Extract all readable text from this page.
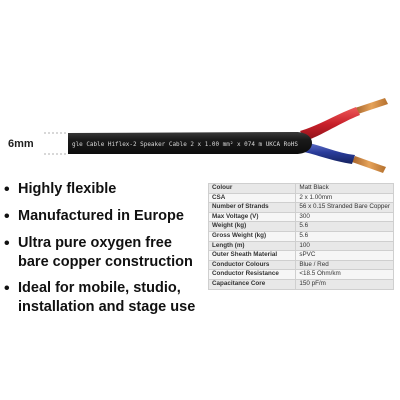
6mm	gle Cable Hiflex-2 Speaker Cable 2 x 1.00 mm² x 074 m UKCA RoHS
• Highly flexible
• Manufactured in Europe
• Ultra pure oxygen free bare copper construction
• Ideal for mobile, studio, installation and stage use
Colour	Matt Black
CSA	2 x 1.00mm
Number of Strands	56 x 0.15 Stranded Bare Copper
Max Voltage (V)	300
Weight (kg)	5.6
Gross Weight (kg)	5.6
Length (m)	100
Outer Sheath Material	sPVC
Conductor Colours	Blue / Red
Conductor Resistance	<18.5 Ohm/km
Capacitance Core	150 pF/m
